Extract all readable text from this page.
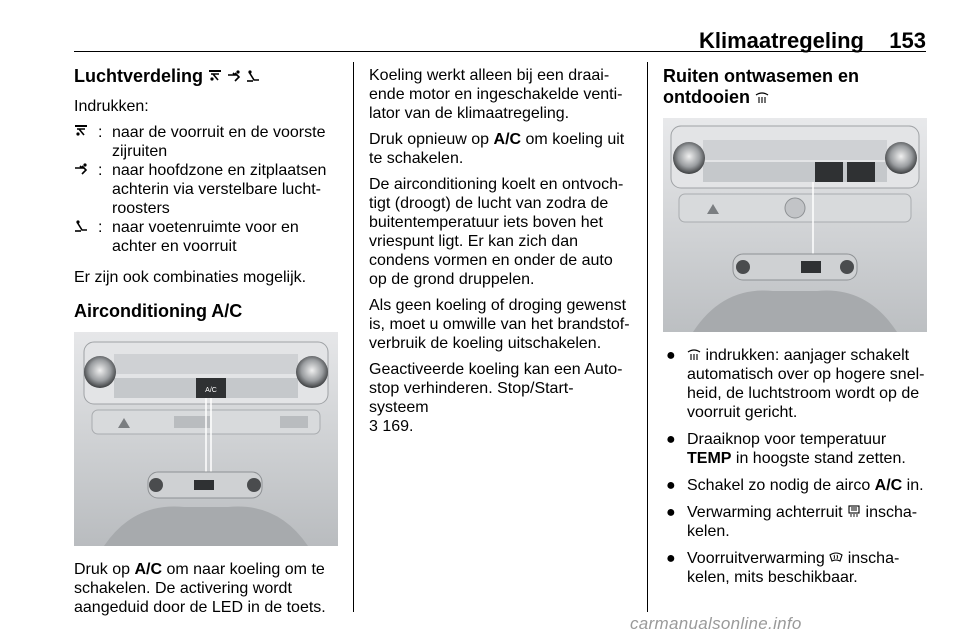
Klimaatregeling 153
Luchtverdeling

Indrukken:

: naar de voorruit en de voorste zijruiten
: naar hoofdzone en zitplaatsen achterin via verstelbare luchtroosters
: naar voetenruimte voor en achter en voorruit

Er zijn ook combinaties mogelijk.

Airconditioning A/C
A/C

Druk op A/C om naar koeling om te schakelen. De activering wordt aangeduid door de LED in de toets.

Koeling werkt alleen bij een draaiende motor en ingeschakelde ventilator van de klimaatregeling.

Druk opnieuw op A/C om koeling uit te schakelen.

De airconditioning koelt en ontvochtigt (droogt) de lucht van zodra de buitentemperatuur iets boven het vriespunt ligt. Er kan zich dan condens vormen en onder de auto op de grond druppelen.

Als geen koeling of droging gewenst is, moet u omwille van het brandstofverbruik de koeling uitschakelen.

Geactiveerde koeling kan een Auto-stop verhinderen. Stop/Start-systeem
3 169.

Ruiten ontwasemen en ontdooien
● indrukken: aanjager schakelt automatisch over op hogere snelheid, de luchtstroom wordt op de voorruit gericht.
● Draaiknop voor temperatuur TEMP in hoogste stand zetten.
● Schakel zo nodig de airco A/C in.
● Verwarming achterruit
inschakelen.
● Voorruitverwarming
inschakelen, mits beschikbaar.
carmanualsonline.info
